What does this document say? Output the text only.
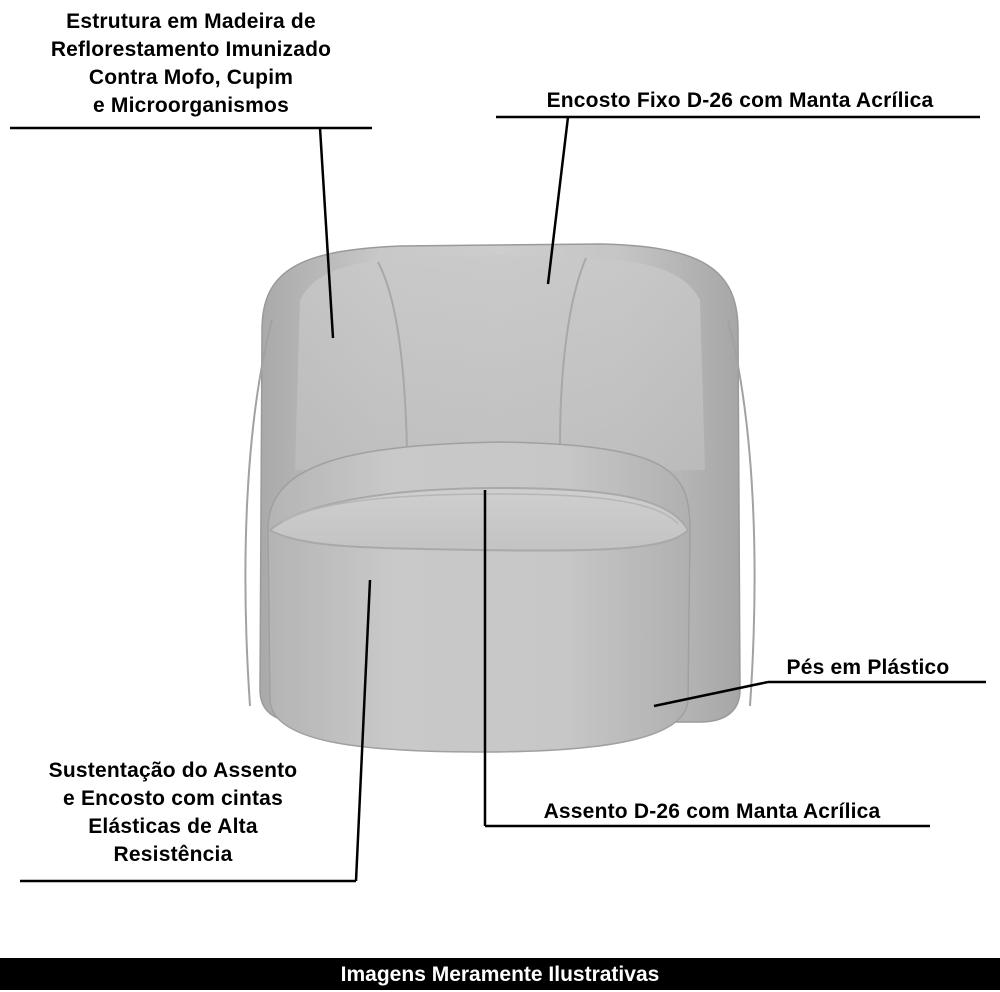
Estrutura em Madeira de
Reflorestamento Imunizado
Contra Mofo, Cupim
e Microorganismos	Encosto Fixo D-26 com Manta Acrílica
Pés em Plástico
Sustentação do Assento
e Encosto com cintas
Elásticas de Alta
Resistência
Assento D-26 com Manta Acrílica
Imagens Meramente Ilustrativas
